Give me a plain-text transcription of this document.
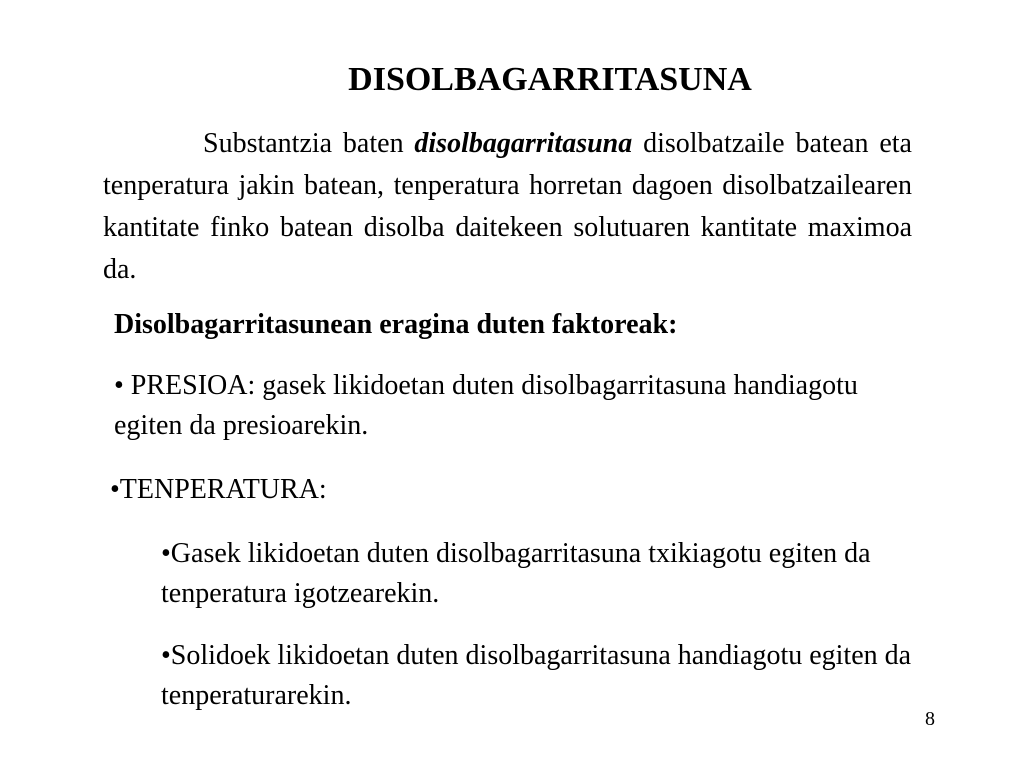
DISOLBAGARRITASUNA

Substantzia baten disolbagarritasuna disolbatzaile batean eta tenperatura jakin batean, tenperatura horretan dagoen disolbatzailearen kantitate finko batean disolba daitekeen solutuaren kantitate maximoa da.

Disolbagarritasunean eragina duten faktoreak:

• PRESIOA: gasek likidoetan duten disolbagarritasuna handiagotu egiten da presioarekin.

•TENPERATURA:

•Gasek likidoetan duten disolbagarritasuna txikiagotu egiten da tenperatura igotzearekin.

•Solidoek likidoetan duten disolbagarritasuna handiagotu egiten da tenperaturarekin.

8
